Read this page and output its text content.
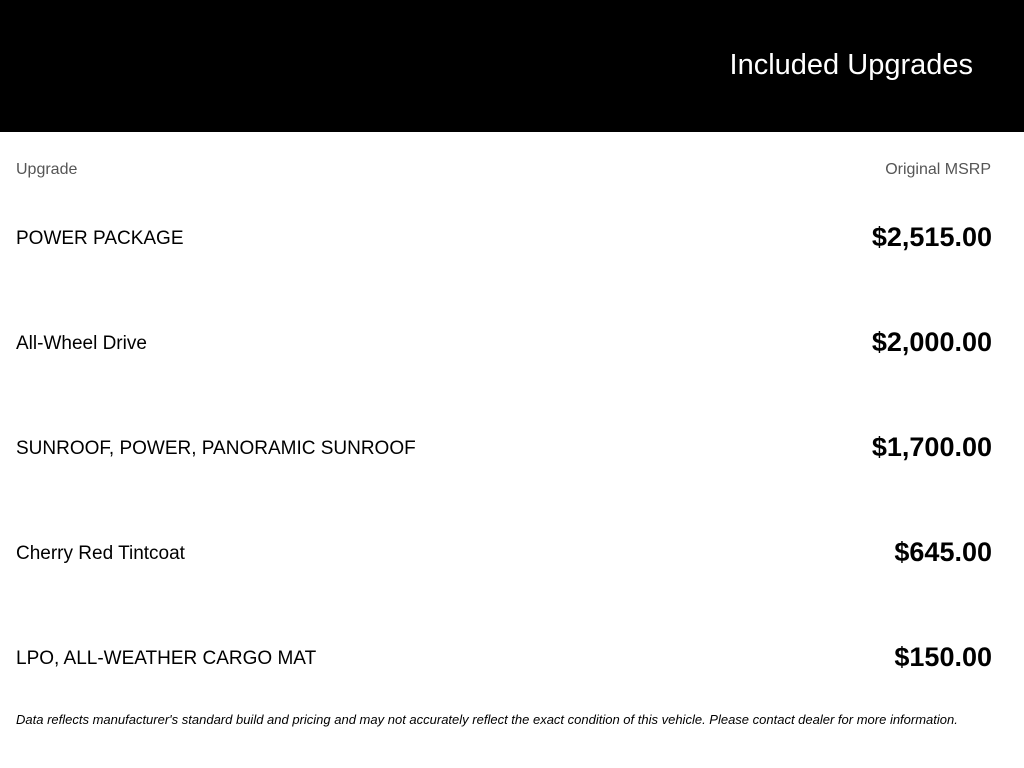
Included Upgrades
Upgrade	Original MSRP
POWER PACKAGE	$2,515.00
All-Wheel Drive	$2,000.00
SUNROOF, POWER, PANORAMIC SUNROOF	$1,700.00
Cherry Red Tintcoat	$645.00
LPO, ALL-WEATHER CARGO MAT	$150.00
Data reflects manufacturer's standard build and pricing and may not accurately reflect the exact condition of this vehicle. Please contact dealer for more information.
